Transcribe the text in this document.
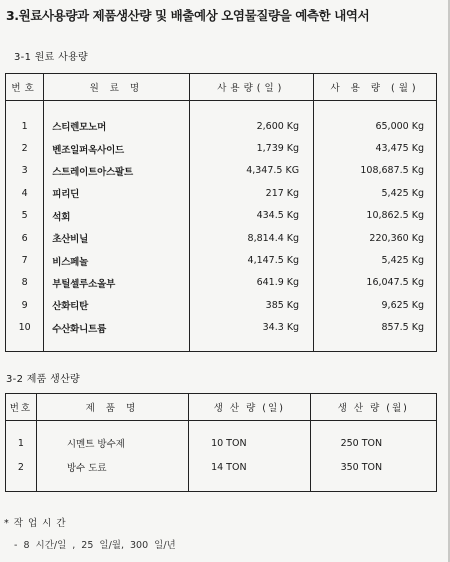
3.원료사용량과 제품생산량 및 배출예상 오염물질량을 예측한 내역서
3-1 원료 사용량
번호	원 료 명	사용량(일)	사 용 량 (월)

1	스티렌모노머	2,600 Kg	65,000 Kg
2	벤조일퍼옥사이드	1,739 Kg	43,475 Kg
3	스트레이트아스팔트	4,347.5 KG	108,687.5 Kg
4	피리딘	217 Kg	5,425 Kg
5	석회	434.5 Kg	10,862.5 Kg
6	초산비닐	8,814.4 Kg	220,360 Kg
7	비스페놀	4,147.5 Kg	5,425 Kg
8	부틸셀루소올부	641.9 Kg	16,047.5 Kg
9	산화티탄	385 Kg	9,625 Kg
10	수산화니트륨	34.3 Kg	857.5 Kg

3-2 제품 생산량
번호	제 품 명	생 산 량 (일)	생 산 량 (월)

1	시멘트 방수제	10 TON	250 TON
2	방수 도료	14 TON	350 TON

* 작 업 시 간
- 8 시간/일 , 25 일/월, 300 일/년
